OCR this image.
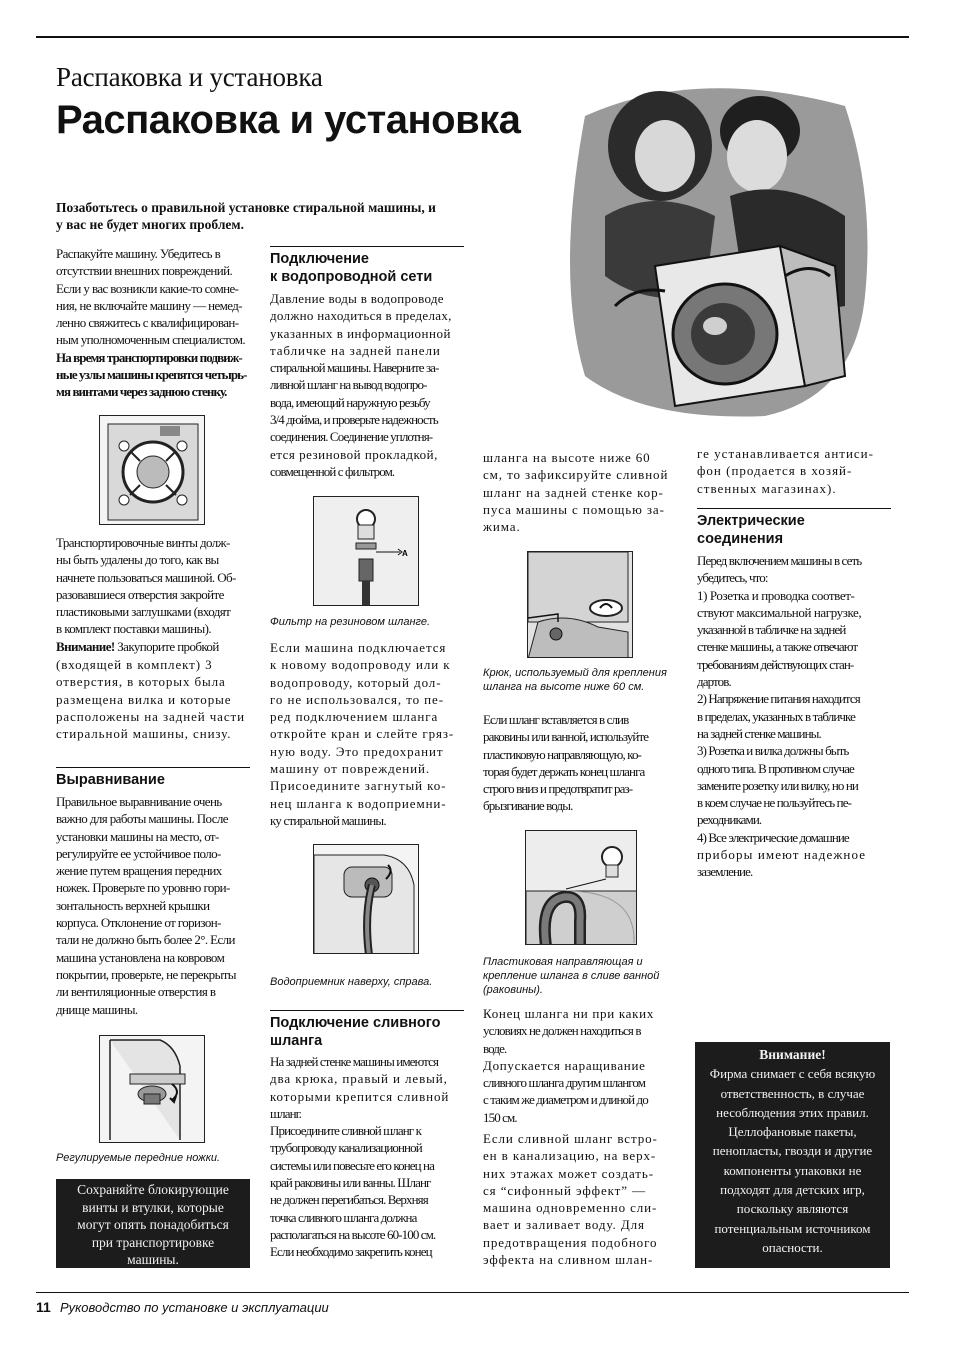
Распаковка и установка
Распаковка и установка
Позаботьтесь о правильной установке стиральной машины, и у вас не будет многих проблем.
Распакуйте машину. Убедитесь в
отсутствии внешних повреждений.
Если у вас возникли какие-то сомне-
ния, не включайте машину — немед-
ленно свяжитесь с квалифицирован-
ным уполномоченным специалистом.
На время транспортировки подвиж-
ные узлы машины крепятся четырь-
мя винтами через заднюю стенку.
Транспортировочные винты долж-
ны быть удалены до того, как вы
начнете пользоваться машиной. Об-
разовавшиеся отверстия закройте
пластиковыми заглушками (входят
в комплект поставки машины).
Внимание! Закупорите пробкой
(входящей в комплект) 3
отверстия, в которых была
размещена вилка и которые
расположены на задней части
стиральной машины, снизу.
Выравнивание
Правильное выравнивание очень
важно для работы машины. После
установки машины на место, от-
регулируйте ее устойчивое поло-
жение путем вращения передних
ножек. Проверьте по уровню гори-
зонтальность верхней крышки
корпуса. Отклонение от горизон-
тали не должно быть более 2°. Если
машина установлена на ковровом
покрытии, проверьте, не перекрыты
ли вентиляционные отверстия в
днище машины.
Регулируемые передние ножки.
Сохраняйте блокирующие
винты и втулки, которые
могут опять понадобиться
при транспортировке
машины.
Подключение
к водопроводной сети
Давление воды в водопроводе
должно находиться в пределах,
указанных в информационной
табличке на задней панели
стиральной машины. Наверните за-
ливной шланг на вывод водопро-
вода, имеющий наружную резьбу
3/4 дюйма, и проверьте надежность
соединения. Соединение уплотня-
ется резиновой прокладкой,
совмещенной с фильтром.
A
Фильтр на резиновом шланге.
Если машина подключается
к новому водопроводу или к
водопроводу, который дол-
го не использовался, то пе-
ред подключением шланга
откройте кран и слейте гряз-
ную воду. Это предохранит
машину от повреждений.
Присоедините загнутый ко-
нец шланга к водоприемни-
ку стиральной машины.
Водоприемник наверху, справа.
Подключение сливного
шланга
На задней стенке машины имеются
два крюка, правый и левый,
которыми крепится сливной
шланг.
Присоедините сливной шланг к
трубопроводу канализационной
системы или повесьте его конец на
край раковины или ванны. Шланг
не должен перегибаться. Верхняя
точка сливного шланга должна
располагаться на высоте 60-100 см.
Если необходимо закрепить конец
шланга на высоте ниже 60
см, то зафиксируйте сливной
шланг на задней стенке кор-
пуса машины с помощью за-
жима.
Крюк, используемый для крепления
шланга на высоте ниже 60 см.
Если шланг вставляется в слив
раковины или ванной, используйте
пластиковую направляющую, ко-
торая будет держать конец шланга
строго вниз и предотвратит раз-
брызгивание воды.
Пластиковая направляющая и
крепление шланга в сливе ванной
(раковины).
Конец шланга ни при каких
условиях не должен находиться в
воде.
Допускается наращивание
сливного шланга другим шлангом
с таким же диаметром и длиной до
150 см.
Если сливной шланг встро-
ен в канализацию, на верх-
них этажах может создать-
ся “сифонный эффект” —
машина одновременно сли-
вает и заливает воду. Для
предотвращения подобного
эффекта на сливном шлан-
ге устанавливается антиси-
фон (продается в хозяй-
ственных магазинах).
Электрические
соединения
Перед включением машины в сеть
убедитесь, что:
1) Розетка и проводка соответ-
ствуют максимальной нагрузке,
указанной в табличке на задней
стенке машины, а также отвечают
требованиям действующих стан-
дартов.
2) Напряжение питания находится
в пределах, указанных в табличке
на задней стенке машины.
3) Розетка и вилка должны быть
одного типа. В противном случае
замените розетку или вилку, но ни
в коем случае не пользуйтесь пе-
реходниками.
4) Все электрические домашние
приборы имеют надежное
заземление.
Внимание!
Фирма снимает с себя всякую
ответственность, в случае
несоблюдения этих правил.
Целлофановые пакеты,
пенопласты, гвозди и другие
компоненты упаковки не
подходят для детских игр,
поскольку являются
потенциальным источником
опасности.
11 Руководство по установке и эксплуатации
